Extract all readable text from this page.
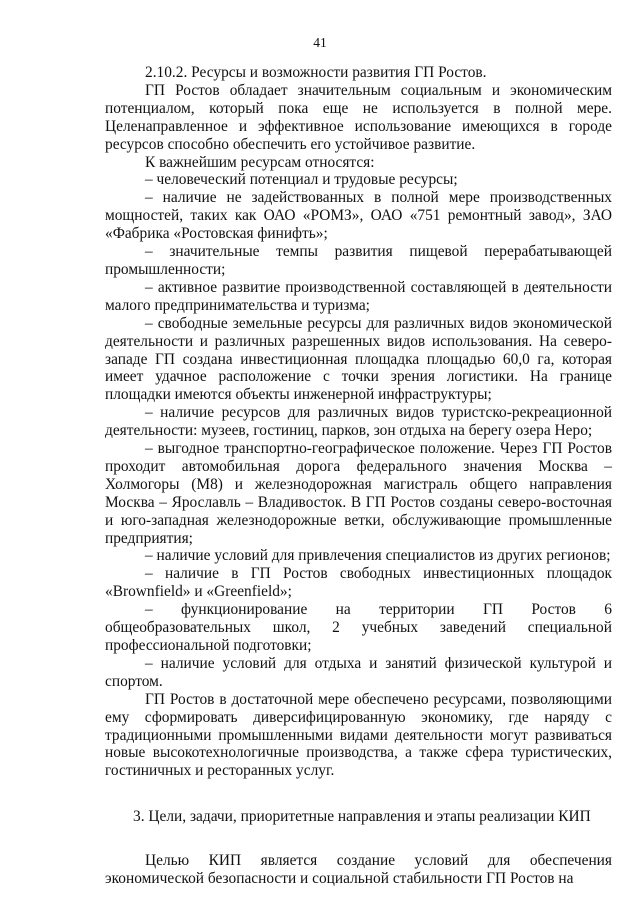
41

2.10.2. Ресурсы и возможности развития ГП Ростов.

ГП Ростов обладает значительным социальным и экономическим потенциалом, который пока еще не используется в полной мере. Целенаправленное и эффективное использование имеющихся в городе ресурсов способно обеспечить его устойчивое развитие.

К важнейшим ресурсам относятся:

– человеческий потенциал и трудовые ресурсы;

– наличие не задействованных в полной мере производственных мощностей, таких как ОАО «РОМЗ», ОАО «751 ремонтный завод», ЗАО «Фабрика «Ростовская финифть»;

– значительные темпы развития пищевой перерабатывающей промышленности;

– активное развитие производственной составляющей в деятельности малого предпринимательства и туризма;

– свободные земельные ресурсы для различных видов экономической деятельности и различных разрешенных видов использования. На северо-западе ГП создана инвестиционная площадка площадью 60,0 га, которая имеет удачное расположение с точки зрения логистики. На границе площадки имеются объекты инженерной инфраструктуры;

– наличие ресурсов для различных видов туристско-рекреационной деятельности: музеев, гостиниц, парков, зон отдыха на берегу озера Неро;

– выгодное транспортно-географическое положение. Через ГП Ростов проходит автомобильная дорога федерального значения Москва – Холмогоры (М8) и железнодорожная магистраль общего направления Москва – Ярославль – Владивосток. В ГП Ростов созданы северо-восточная и юго-западная железнодорожные ветки, обслуживающие промышленные предприятия;

– наличие условий для привлечения специалистов из других регионов;

– наличие в ГП Ростов свободных инвестиционных площадок «Brownfield» и «Greenfield»;

– функционирование на территории ГП Ростов 6 общеобразовательных школ, 2 учебных заведений специальной профессиональной подготовки;

– наличие условий для отдыха и занятий физической культурой и спортом.

ГП Ростов в достаточной мере обеспечено ресурсами, позволяющими ему сформировать диверсифицированную экономику, где наряду с традиционными промышленными видами деятельности могут развиваться новые высокотехнологичные производства, а также сфера туристических, гостиничных и ресторанных услуг.

3. Цели, задачи, приоритетные направления и этапы реализации КИП

Целью КИП является создание условий для обеспечения экономической безопасности и социальной стабильности ГП Ростов на
